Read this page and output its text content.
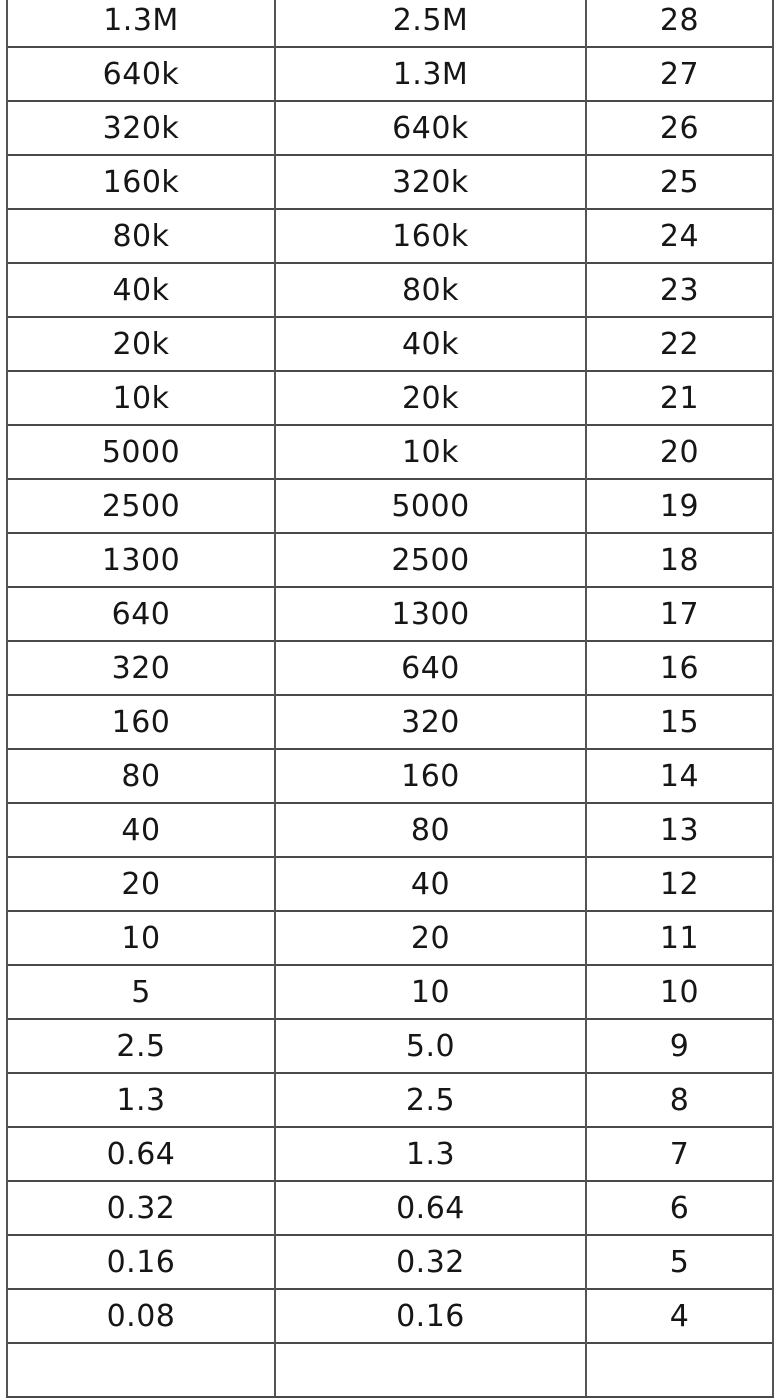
1.3M	2.5M	28
640k	1.3M	27
320k	640k	26
160k	320k	25
80k	160k	24
40k	80k	23
20k	40k	22
10k	20k	21
5000	10k	20
2500	5000	19
1300	2500	18
640	1300	17
320	640	16
160	320	15
80	160	14
40	80	13
20	40	12
10	20	11
5	10	10
2.5	5.0	9
1.3	2.5	8
0.64	1.3	7
0.32	0.64	6
0.16	0.32	5
0.08	0.16	4
